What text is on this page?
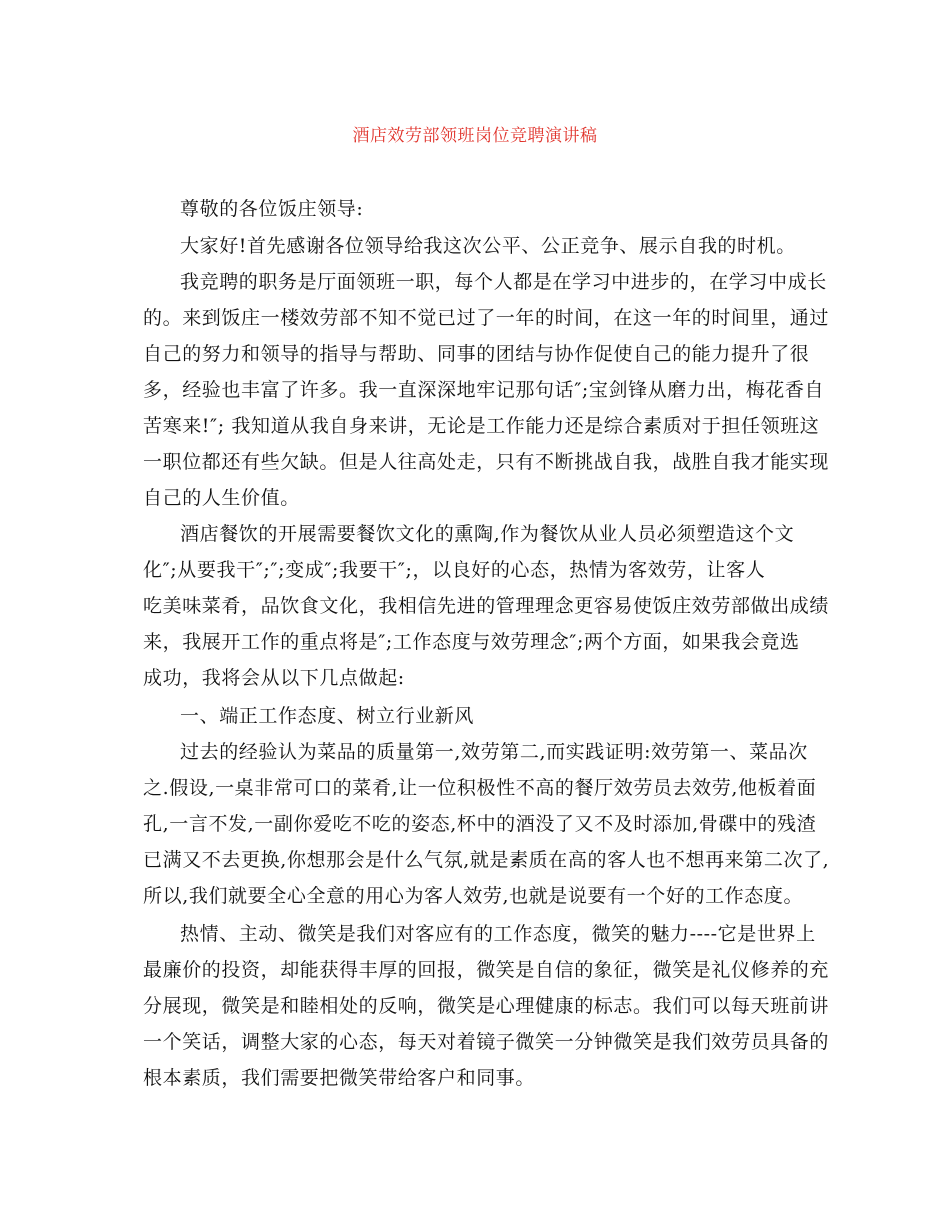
酒店效劳部领班岗位竞聘演讲稿
尊敬的各位饭庄领导:
大家好!首先感谢各位领导给我这次公平、公正竞争、展示自我的时机。
我竞聘的职务是厅面领班一职，每个人都是在学习中进步的，在学习中成长
的。来到饭庄一楼效劳部不知不觉已过了一年的时间，在这一年的时间里，通过
自己的努力和领导的指导与帮助、同事的团结与协作促使自己的能力提升了很
多，经验也丰富了许多。我一直深深地牢记那句话″;宝剑锋从磨力出，梅花香自
苦寒来!″; 我知道从我自身来讲，无论是工作能力还是综合素质对于担任领班这
一职位都还有些欠缺。但是人往高处走，只有不断挑战自我，战胜自我才能实现
自己的人生价值。
酒店餐饮的开展需要餐饮文化的熏陶,作为餐饮从业人员必须塑造这个文
化″;从要我干″;″;变成″;我要干″;，以良好的心态，热情为客效劳，让客人
吃美味菜肴，品饮食文化，我相信先进的管理理念更容易使饭庄效劳部做出成绩
来，我展开工作的重点将是″;工作态度与效劳理念″;两个方面，如果我会竟选
成功，我将会从以下几点做起:
一、端正工作态度、树立行业新风
过去的经验认为菜品的质量第一,效劳第二,而实践证明:效劳第一、菜品次
之.假设,一桌非常可口的菜肴,让一位积极性不高的餐厅效劳员去效劳,他板着面
孔,一言不发,一副你爱吃不吃的姿态,杯中的酒没了又不及时添加,骨碟中的残渣
已满又不去更换,你想那会是什么气氛,就是素质在高的客人也不想再来第二次了,
所以,我们就要全心全意的用心为客人效劳,也就是说要有一个好的工作态度。
热情、主动、微笑是我们对客应有的工作态度，微笑的魅力----它是世界上
最廉价的投资，却能获得丰厚的回报，微笑是自信的象征，微笑是礼仪修养的充
分展现，微笑是和睦相处的反响，微笑是心理健康的标志。我们可以每天班前讲
一个笑话，调整大家的心态，每天对着镜子微笑一分钟微笑是我们效劳员具备的
根本素质，我们需要把微笑带给客户和同事。
